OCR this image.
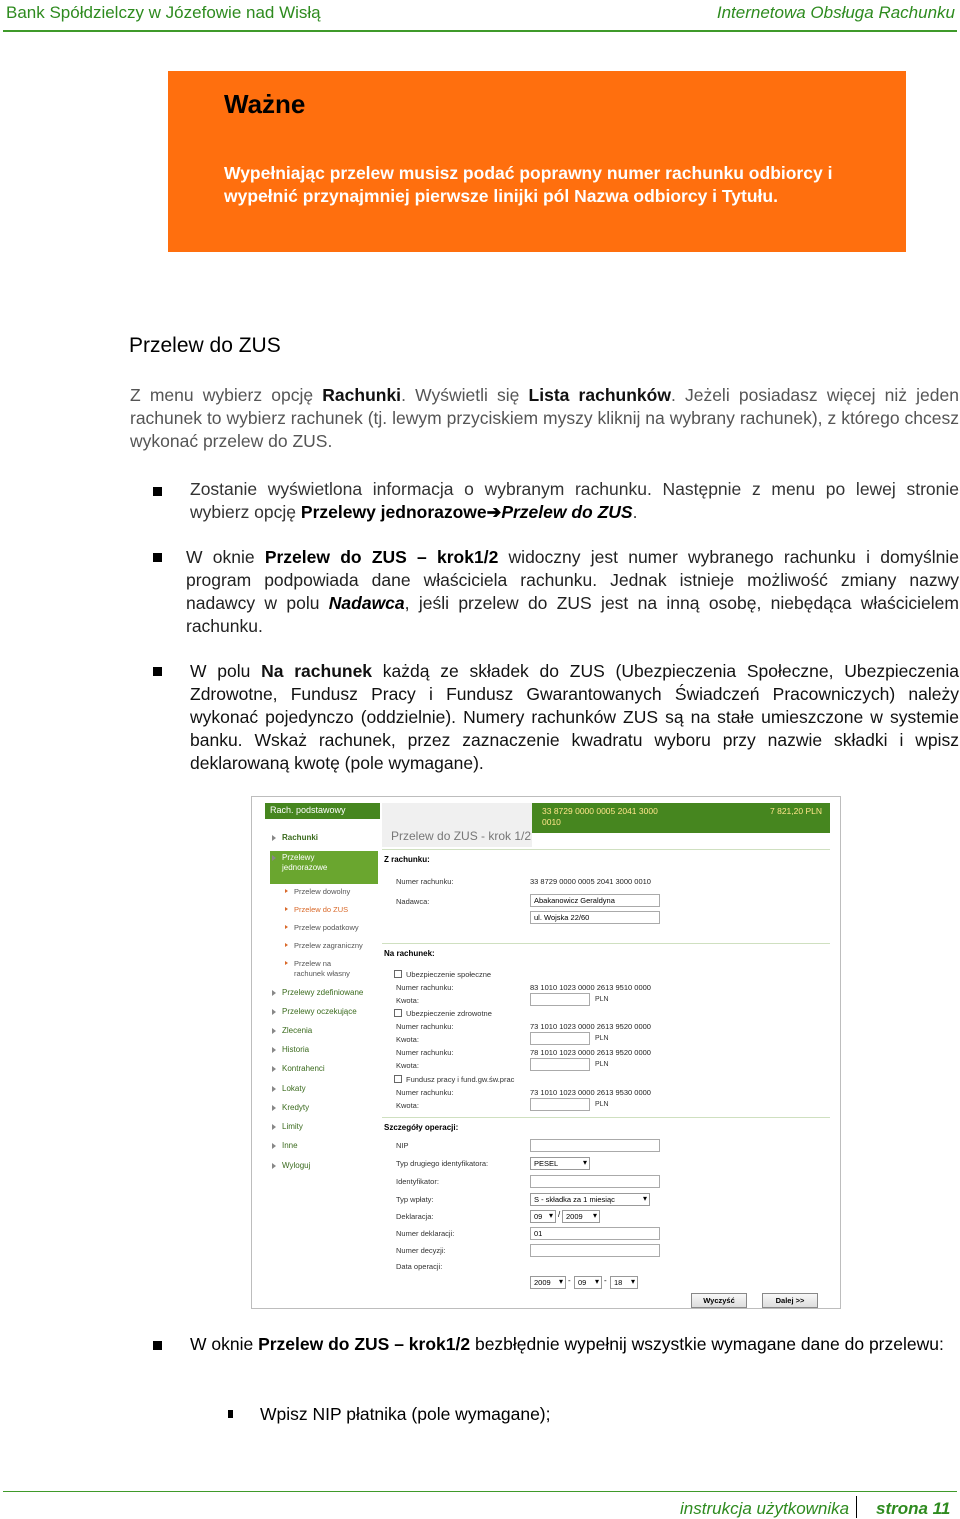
Bank Spółdzielczy w Józefowie nad Wisłą	Internetowa Obsługa Rachunku
Ważne
Wypełniając przelew musisz podać poprawny numer rachunku odbiorcy i wypełnić przynajmniej pierwsze linijki pól Nazwa odbiorcy i Tytułu.
Przelew do ZUS
Z menu wybierz opcję Rachunki. Wyświetli się Lista rachunków. Jeżeli posiadasz więcej niż jeden rachunek to wybierz rachunek (tj. lewym przyciskiem myszy kliknij na wybrany rachunek), z którego chcesz wykonać przelew do ZUS.
Zostanie wyświetlona informacja o wybranym rachunku. Następnie z menu po lewej stronie wybierz opcję Przelewy jednorazowe➔Przelew do ZUS.
W oknie Przelew do ZUS – krok1/2 widoczny jest numer wybranego rachunku i domyślnie program podpowiada dane właściciela rachunku. Jednak istnieje możliwość zmiany nazwy nadawcy w polu Nadawca, jeśli przelew do ZUS jest na inną osobę, niebędąca właścicielem rachunku.
W polu Na rachunek każdą ze składek do ZUS (Ubezpieczenia Społeczne, Ubezpieczenia Zdrowotne, Fundusz Pracy i Fundusz Gwarantowanych Świadczeń Pracowniczych) należy wykonać pojedynczo (oddzielnie). Numery rachunków ZUS są na stałe umieszczone w systemie banku. Wskaż rachunek, przez zaznaczenie kwadratu wyboru przy nazwie składki i wpisz deklarowaną kwotę (pole wymagane).
Rach. podstawowy
Rachunki
Przelewy jednorazowe
Przelew dowolny
Przelew do ZUS
Przelew podatkowy
Przelew zagraniczny
Przelew na rachunek własny
Przelewy zdefiniowane
Przelewy oczekujące
Zlecenia
Historia
Kontrahenci
Lokaty
Kredyty
Limity
Inne
Wyloguj
33 8729 0000 0005 2041 3000 0010
7 821,20 PLN
Przelew do ZUS - krok 1/2
Z rachunku:
Numer rachunku:	33 8729 0000 0005 2041 3000 0010
Nadawca:	Abakanowicz Geraldyna
ul. Wojska 22/60
Na rachunek:
Ubezpieczenie społeczne
Numer rachunku:	83 1010 1023 0000 2613 9510 0000
Kwota:	PLN
Ubezpieczenie zdrowotne
Numer rachunku:	73 1010 1023 0000 2613 9520 0000
Kwota:	PLN
Numer rachunku:	78 1010 1023 0000 2613 9520 0000
Kwota:	PLN
Fundusz pracy i fund.gw.św.prac
Numer rachunku:	73 1010 1023 0000 2613 9530 0000
Kwota:	PLN
Szczegóły operacji:
NIP
Typ drugiego identyfikatora:	PESEL ▾
Identyfikator:
Typ wpłaty:	S - składka za 1 miesiąc ▾
Deklaracja:	09 ▾	/ 2009 ▾
Numer deklaracji:	01
Numer decyzji:
Data operacji:
2009 ▾	- 09 ▾	- 18 ▾
Wyczyść	Dalej >>
W oknie Przelew do ZUS – krok1/2 bezbłędnie wypełnij wszystkie wymagane dane do przelewu:
Wpisz NIP płatnika (pole wymagane);
instrukcja użytkownika strona 11
